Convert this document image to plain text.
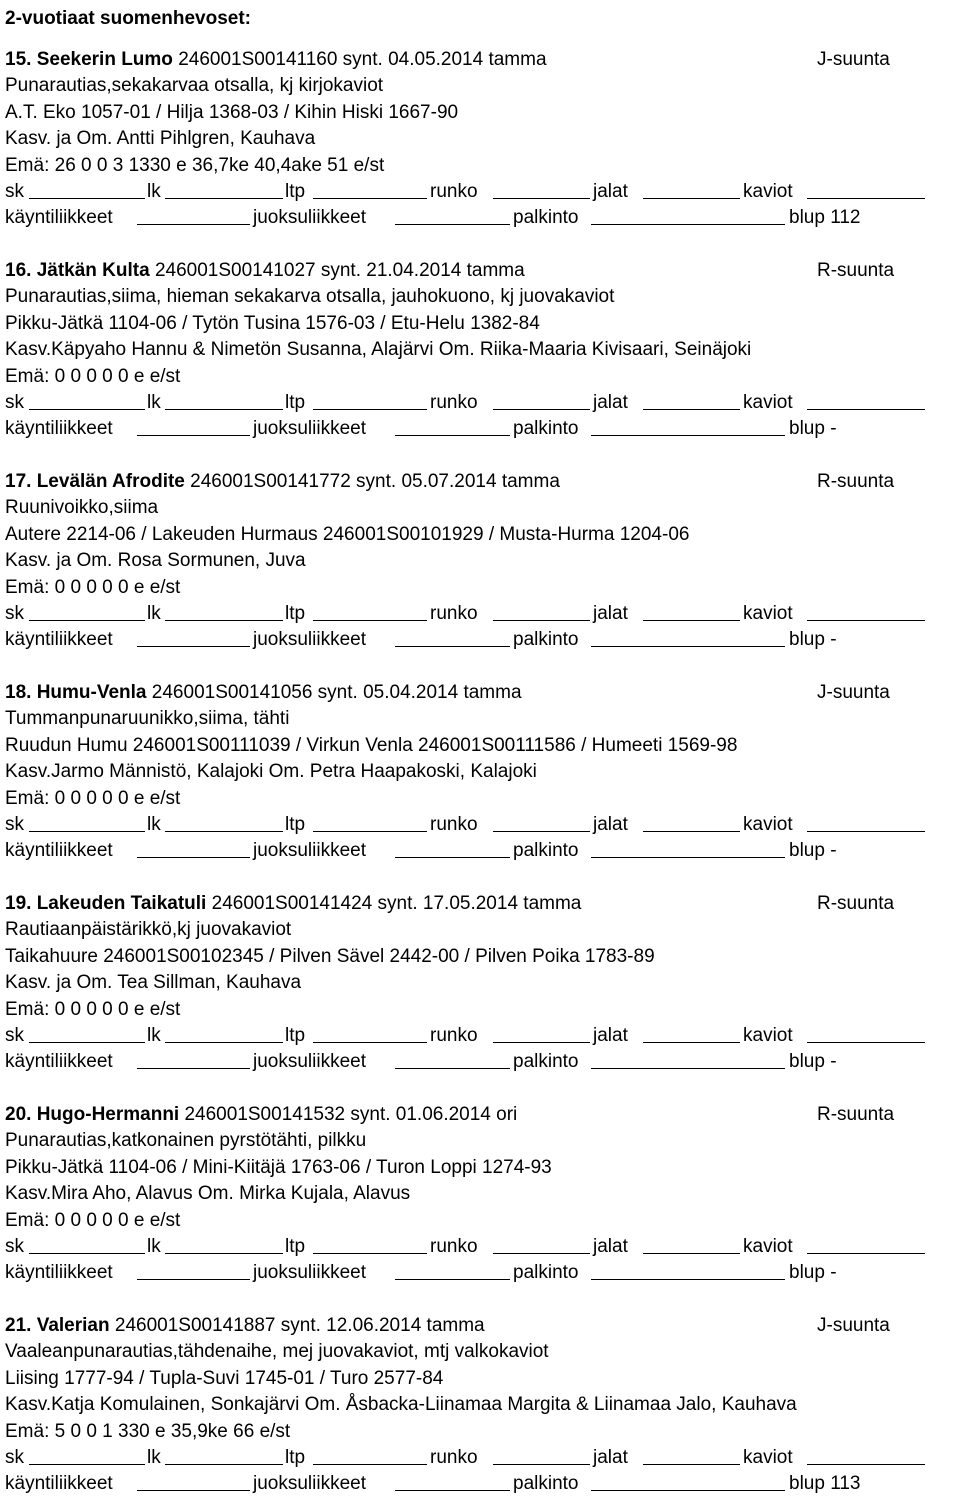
2-vuotiaat suomenhevoset:
15. Seekerin Lumo 246001S00141160 synt. 04.05.2014 tamma	J-suunta
Punarautias,sekakarvaa otsalla, kj kirjokaviot
A.T. Eko 1057-01 / Hilja 1368-03 / Kihin Hiski 1667-90
Kasv. ja Om. Antti Pihlgren, Kauhava
Emä: 26 0 0 3 1330 e 36,7ke 40,4ake 51 e/st
sk	lk	ltp	runko	jalat	kaviot
käyntiliikkeet	juoksuliikkeet	palkinto	blup 112
16. Jätkän Kulta 246001S00141027 synt. 21.04.2014 tamma	R-suunta
Punarautias,siima, hieman sekakarva otsalla, jauhokuono, kj juovakaviot
Pikku-Jätkä 1104-06 / Tytön Tusina 1576-03 / Etu-Helu 1382-84
Kasv.Käpyaho Hannu & Nimetön Susanna, Alajärvi Om. Riika-Maaria Kivisaari, Seinäjoki
Emä: 0 0 0 0 0 e e/st
sk	lk	ltp	runko	jalat	kaviot
käyntiliikkeet	juoksuliikkeet	palkinto	blup -
17. Levälän Afrodite 246001S00141772 synt. 05.07.2014 tamma	R-suunta
Ruunivoikko,siima
Autere 2214-06 / Lakeuden Hurmaus 246001S00101929 / Musta-Hurma 1204-06
Kasv. ja Om. Rosa Sormunen, Juva
Emä: 0 0 0 0 0 e e/st
sk	lk	ltp	runko	jalat	kaviot
käyntiliikkeet	juoksuliikkeet	palkinto	blup -
18. Humu-Venla 246001S00141056 synt. 05.04.2014 tamma	J-suunta
Tummanpunaruunikko,siima, tähti
Ruudun Humu 246001S00111039 / Virkun Venla 246001S00111586 / Humeeti 1569-98
Kasv.Jarmo Männistö, Kalajoki Om. Petra Haapakoski, Kalajoki
Emä: 0 0 0 0 0 e e/st
sk	lk	ltp	runko	jalat	kaviot
käyntiliikkeet	juoksuliikkeet	palkinto	blup -
19. Lakeuden Taikatuli 246001S00141424 synt. 17.05.2014 tamma	R-suunta
Rautiaanpäistärikkö,kj juovakaviot
Taikahuure 246001S00102345 / Pilven Sävel 2442-00 / Pilven Poika 1783-89
Kasv. ja Om. Tea Sillman, Kauhava
Emä: 0 0 0 0 0 e e/st
sk	lk	ltp	runko	jalat	kaviot
käyntiliikkeet	juoksuliikkeet	palkinto	blup -
20. Hugo-Hermanni 246001S00141532 synt. 01.06.2014 ori	R-suunta
Punarautias,katkonainen pyrstötähti, pilkku
Pikku-Jätkä 1104-06 / Mini-Kiitäjä 1763-06 / Turon Loppi 1274-93
Kasv.Mira Aho, Alavus Om. Mirka Kujala, Alavus
Emä: 0 0 0 0 0 e e/st
sk	lk	ltp	runko	jalat	kaviot
käyntiliikkeet	juoksuliikkeet	palkinto	blup -
21. Valerian 246001S00141887 synt. 12.06.2014 tamma	J-suunta
Vaaleanpunarautias,tähdenaihe, mej juovakaviot, mtj valkokaviot
Liising 1777-94 / Tupla-Suvi 1745-01 / Turo 2577-84
Kasv.Katja Komulainen, Sonkajärvi Om. Åsbacka-Liinamaa Margita & Liinamaa Jalo, Kauhava
Emä: 5 0 0 1 330 e 35,9ke 66 e/st
sk	lk	ltp	runko	jalat	kaviot
käyntiliikkeet	juoksuliikkeet	palkinto	blup 113
